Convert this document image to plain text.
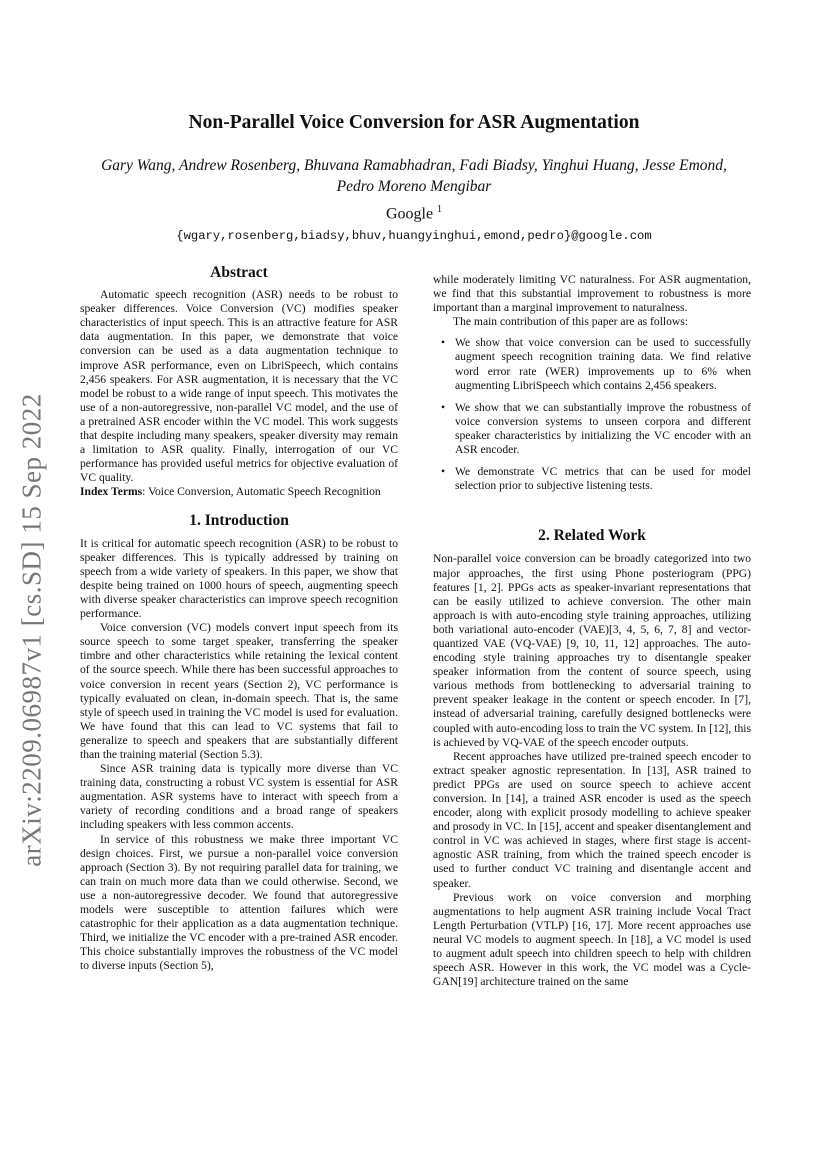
arXiv:2209.06987v1 [cs.SD] 15 Sep 2022
Non-Parallel Voice Conversion for ASR Augmentation
Gary Wang, Andrew Rosenberg, Bhuvana Ramabhadran, Fadi Biadsy, Yinghui Huang, Jesse Emond,
Pedro Moreno Mengibar
Google $^1$
{wgary,rosenberg,biadsy,bhuv,huangyinghui,emond,pedro}@google.com
Abstract

Automatic speech recognition (ASR) needs to be robust to speaker differences. Voice Conversion (VC) modifies speaker characteristics of input speech. This is an attractive feature for ASR data augmentation. In this paper, we demonstrate that voice conversion can be used as a data augmentation technique to improve ASR performance, even on LibriSpeech, which contains 2,456 speakers. For ASR augmentation, it is necessary that the VC model be robust to a wide range of input speech. This motivates the use of a non-autoregressive, non-parallel VC model, and the use of a pretrained ASR encoder within the VC model. This work suggests that despite including many speakers, speaker diversity may remain a limitation to ASR quality. Finally, interrogation of our VC performance has provided useful metrics for objective evaluation of VC quality.

Index Terms: Voice Conversion, Automatic Speech Recognition

1. Introduction

It is critical for automatic speech recognition (ASR) to be robust to speaker differences. This is typically addressed by training on speech from a wide variety of speakers. In this paper, we show that despite being trained on 1000 hours of speech, augmenting speech with diverse speaker characteristics can improve speech recognition performance.

Voice conversion (VC) models convert input speech from its source speech to some target speaker, transferring the speaker timbre and other characteristics while retaining the lexical content of the source speech. While there has been successful approaches to voice conversion in recent years (Section 2), VC performance is typically evaluated on clean, in-domain speech. That is, the same style of speech used in training the VC model is used for evaluation. We have found that this can lead to VC systems that fail to generalize to speech and speakers that are substantially different than the training material (Section 5.3).

Since ASR training data is typically more diverse than VC training data, constructing a robust VC system is essential for ASR augmentation. ASR systems have to interact with speech from a variety of recording conditions and a broad range of speakers including speakers with less common accents.

In service of this robustness we make three important VC design choices. First, we pursue a non-parallel voice conversion approach (Section 3). By not requiring parallel data for training, we can train on much more data than we could otherwise. Second, we use a non-autoregressive decoder. We found that autoregressive models were susceptible to attention failures which were catastrophic for their application as a data augmentation technique. Third, we initialize the VC encoder with a pre-trained ASR encoder. This choice substantially improves the robustness of the VC model to diverse inputs (Section 5),

while moderately limiting VC naturalness. For ASR augmentation, we find that this substantial improvement to robustness is more important than a marginal improvement to naturalness.

The main contribution of this paper are as follows:

• We show that voice conversion can be used to successfully augment speech recognition training data. We find relative word error rate (WER) improvements up to 6% when augmenting LibriSpeech which contains 2,456 speakers.
• We show that we can substantially improve the robustness of voice conversion systems to unseen corpora and different speaker characteristics by initializing the VC encoder with an ASR encoder.
• We demonstrate VC metrics that can be used for model selection prior to subjective listening tests.
2. Related Work

Non-parallel voice conversion can be broadly categorized into two major approaches, the first using Phone posteriogram (PPG) features [1, 2]. PPGs acts as speaker-invariant representations that can be easily utilized to achieve conversion. The other main approach is with auto-encoding style training approaches, utilizing both variational auto-encoder (VAE)[3, 4, 5, 6, 7, 8] and vector-quantized VAE (VQ-VAE) [9, 10, 11, 12] approaches. The auto-encoding style training approaches try to disentangle speaker speaker information from the content of source speech, using various methods from bottlenecking to adversarial training to prevent speaker leakage in the content or speech encoder. In [7], instead of adversarial training, carefully designed bottlenecks were coupled with auto-encoding loss to train the VC system. In [12], this is achieved by VQ-VAE of the speech encoder outputs.

Recent approaches have utilized pre-trained speech encoder to extract speaker agnostic representation. In [13], ASR trained to predict PPGs are used on source speech to achieve accent conversion. In [14], a trained ASR encoder is used as the speech encoder, along with explicit prosody modelling to achieve speaker and prosody in VC. In [15], accent and speaker disentanglement and control in VC was achieved in stages, where first stage is accent-agnostic ASR training, from which the trained speech encoder is used to further conduct VC training and disentangle accent and speaker.

Previous work on voice conversion and morphing augmentations to help augment ASR training include Vocal Tract Length Perturbation (VTLP) [16, 17]. More recent approaches use neural VC models to augment speech. In [18], a VC model is used to augment adult speech into children speech to help with children speech ASR. However in this work, the VC model was a Cycle-GAN[19] architecture trained on the same
